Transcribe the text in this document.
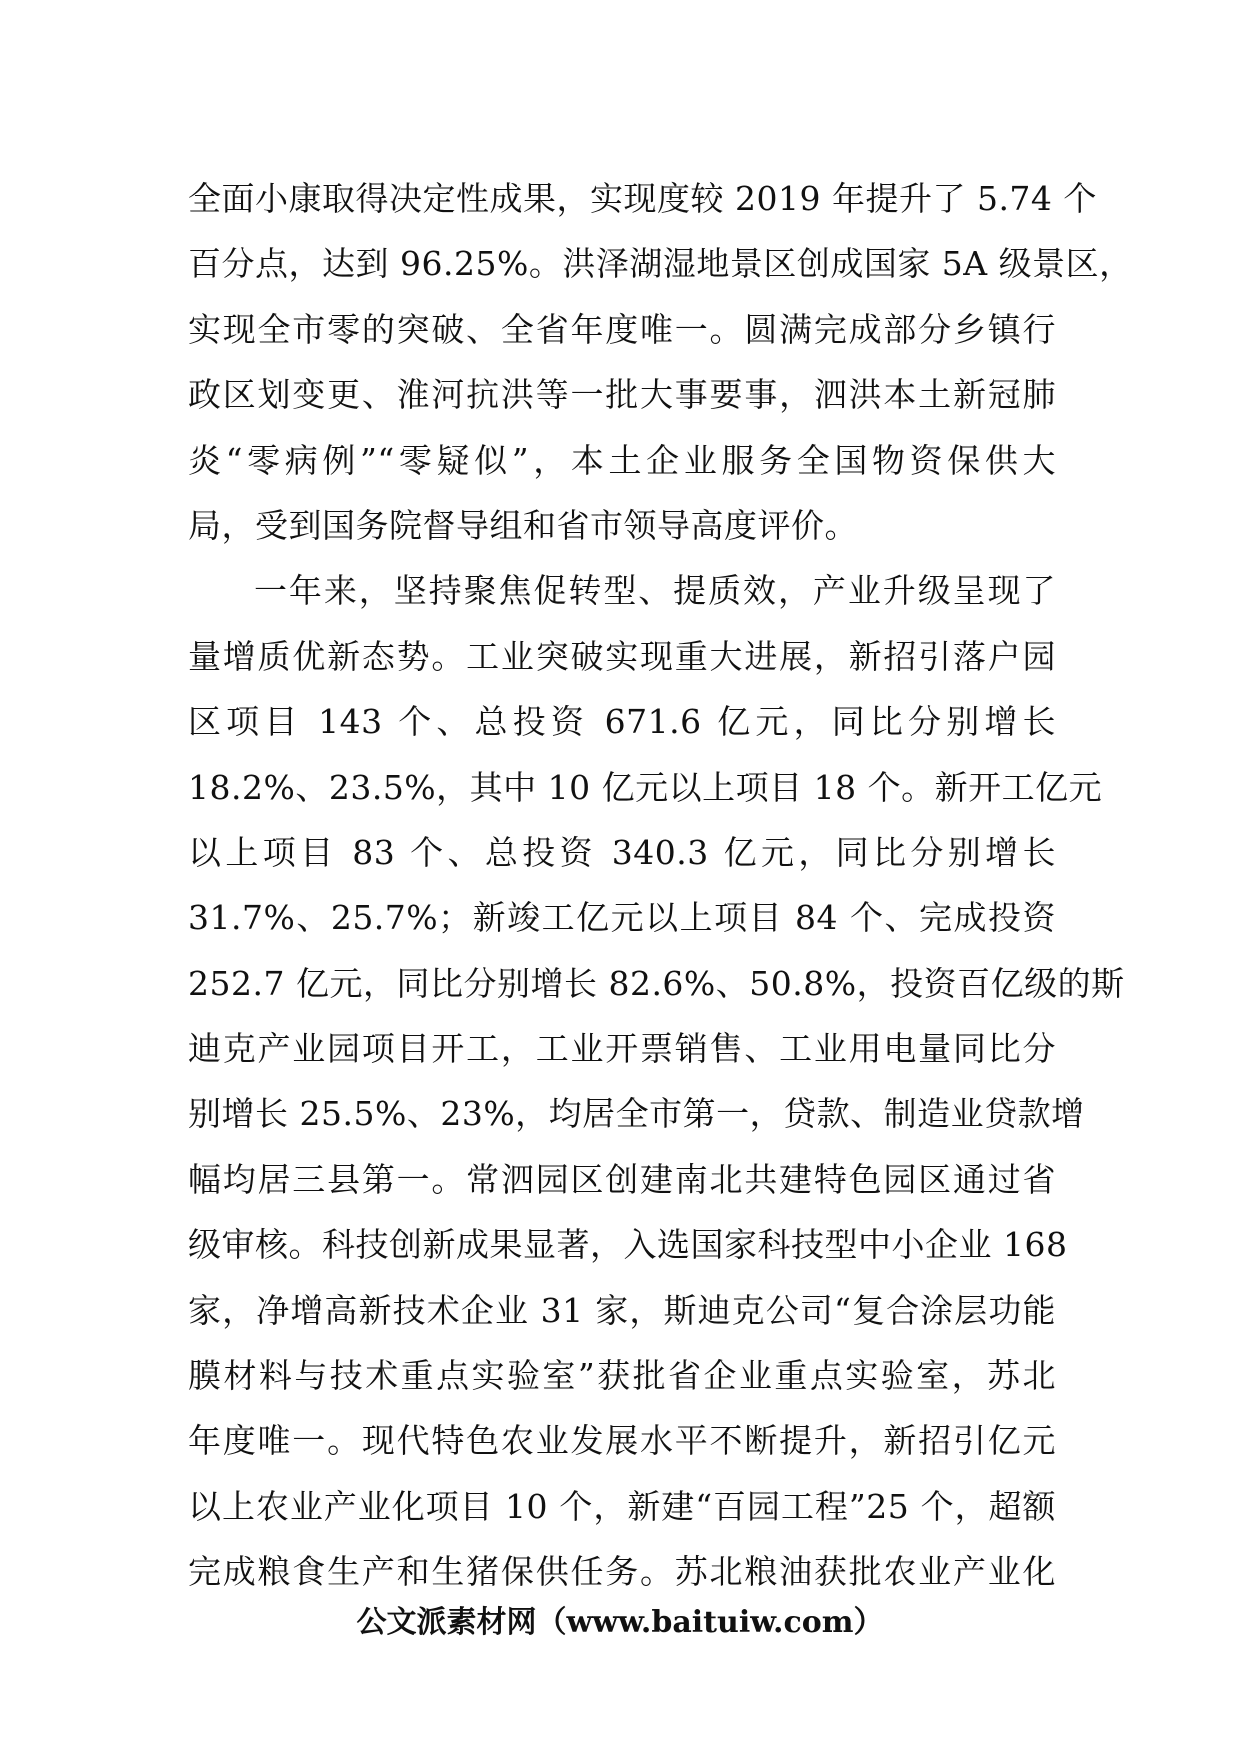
全面小康取得决定性成果，实现度较 2019 年提升了 5.74 个
百分点，达到 96.25%。洪泽湖湿地景区创成国家 5A 级景区，
实现全市零的突破、全省年度唯一。圆满完成部分乡镇行
政区划变更、淮河抗洪等一批大事要事，泗洪本土新冠肺
炎“零病例”“零疑似”，本土企业服务全国物资保供大
局，受到国务院督导组和省市领导高度评价。
一年来，坚持聚焦促转型、提质效，产业升级呈现了
量增质优新态势。工业突破实现重大进展，新招引落户园
区项目 143 个、总投资 671.6 亿元，同比分别增长
18.2%、23.5%，其中 10 亿元以上项目 18 个。新开工亿元
以上项目 83 个、总投资 340.3 亿元，同比分别增长
31.7%、25.7%；新竣工亿元以上项目 84 个、完成投资
252.7 亿元，同比分别增长 82.6%、50.8%，投资百亿级的斯
迪克产业园项目开工，工业开票销售、工业用电量同比分
别增长 25.5%、23%，均居全市第一，贷款、制造业贷款增
幅均居三县第一。常泗园区创建南北共建特色园区通过省
级审核。科技创新成果显著，入选国家科技型中小企业 168
家，净增高新技术企业 31 家，斯迪克公司“复合涂层功能
膜材料与技术重点实验室”获批省企业重点实验室，苏北
年度唯一。现代特色农业发展水平不断提升，新招引亿元
以上农业产业化项目 10 个，新建“百园工程”25 个，超额
完成粮食生产和生猪保供任务。苏北粮油获批农业产业化
公文派素材网（www.baituiw.com）
